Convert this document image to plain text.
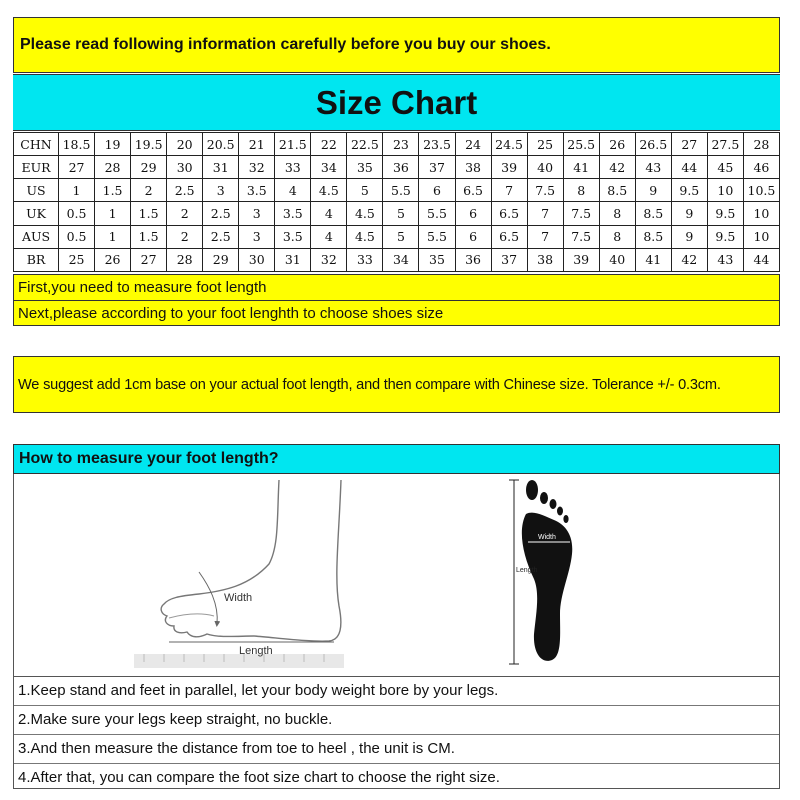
Please read following information carefully before you buy our shoes.
Size Chart
CHN	18.5	19	19.5	20	20.5	21	21.5	22	22.5	23	23.5	24	24.5	25	25.5	26	26.5	27	27.5	28
EUR	27	28	29	30	31	32	33	34	35	36	37	38	39	40	41	42	43	44	45	46
US	1	1.5	2	2.5	3	3.5	4	4.5	5	5.5	6	6.5	7	7.5	8	8.5	9	9.5	10	10.5
UK	0.5	1	1.5	2	2.5	3	3.5	4	4.5	5	5.5	6	6.5	7	7.5	8	8.5	9	9.5	10
AUS	0.5	1	1.5	2	2.5	3	3.5	4	4.5	5	5.5	6	6.5	7	7.5	8	8.5	9	9.5	10
BR	25	26	27	28	29	30	31	32	33	34	35	36	37	38	39	40	41	42	43	44
First,you need to measure foot length
Next,please according to your foot lenghth to choose shoes size
We suggest add 1cm base on your actual foot length, and then compare with Chinese size. Tolerance +/- 0.3cm.
How to measure your foot length?
Width
Length
Width
Length
1.Keep stand and feet in parallel, let your body weight bore by your legs.
2.Make sure your legs keep straight, no buckle.
3.And then measure the distance from toe to heel , the unit is CM.
4.After that, you can compare the foot size chart to choose the right size.
